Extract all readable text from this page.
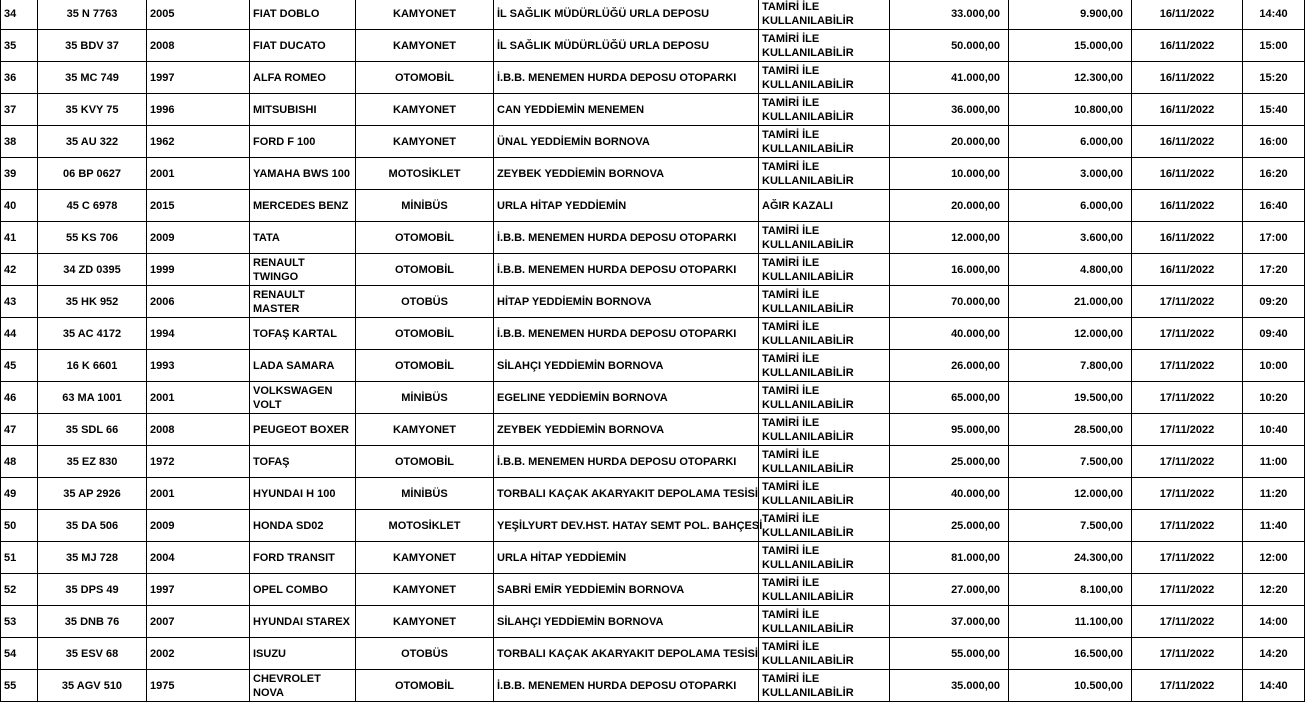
34	35 N 7763	2005	FIAT DOBLO	KAMYONET	İL SAĞLIK MÜDÜRLÜĞÜ URLA DEPOSU	TAMİRİ İLE KULLANILABİLİR	33.000,00	9.900,00	16/11/2022	14:40
35	35 BDV 37	2008	FIAT DUCATO	KAMYONET	İL SAĞLIK MÜDÜRLÜĞÜ URLA DEPOSU	TAMİRİ İLE KULLANILABİLİR	50.000,00	15.000,00	16/11/2022	15:00
36	35 MC 749	1997	ALFA ROMEO	OTOMOBİL	İ.B.B. MENEMEN HURDA DEPOSU OTOPARKI	TAMİRİ İLE KULLANILABİLİR	41.000,00	12.300,00	16/11/2022	15:20
37	35 KVY 75	1996	MITSUBISHI	KAMYONET	CAN YEDDİEMİN MENEMEN	TAMİRİ İLE KULLANILABİLİR	36.000,00	10.800,00	16/11/2022	15:40
38	35 AU 322	1962	FORD F 100	KAMYONET	ÜNAL YEDDİEMİN BORNOVA	TAMİRİ İLE KULLANILABİLİR	20.000,00	6.000,00	16/11/2022	16:00
39	06 BP 0627	2001	YAMAHA BWS 100	MOTOSİKLET	ZEYBEK YEDDİEMİN BORNOVA	TAMİRİ İLE KULLANILABİLİR	10.000,00	3.000,00	16/11/2022	16:20
40	45 C 6978	2015	MERCEDES BENZ	MİNİBÜS	URLA HİTAP YEDDİEMİN	AĞIR KAZALI	20.000,00	6.000,00	16/11/2022	16:40
41	55 KS 706	2009	TATA	OTOMOBİL	İ.B.B. MENEMEN HURDA DEPOSU OTOPARKI	TAMİRİ İLE KULLANILABİLİR	12.000,00	3.600,00	16/11/2022	17:00
42	34 ZD 0395	1999	RENAULT TWINGO	OTOMOBİL	İ.B.B. MENEMEN HURDA DEPOSU OTOPARKI	TAMİRİ İLE KULLANILABİLİR	16.000,00	4.800,00	16/11/2022	17:20
43	35 HK 952	2006	RENAULT MASTER	OTOBÜS	HİTAP YEDDİEMİN BORNOVA	TAMİRİ İLE KULLANILABİLİR	70.000,00	21.000,00	17/11/2022	09:20
44	35 AC 4172	1994	TOFAŞ KARTAL	OTOMOBİL	İ.B.B. MENEMEN HURDA DEPOSU OTOPARKI	TAMİRİ İLE KULLANILABİLİR	40.000,00	12.000,00	17/11/2022	09:40
45	16 K 6601	1993	LADA SAMARA	OTOMOBİL	SİLAHÇI YEDDİEMİN BORNOVA	TAMİRİ İLE KULLANILABİLİR	26.000,00	7.800,00	17/11/2022	10:00
46	63 MA 1001	2001	VOLKSWAGEN VOLT	MİNİBÜS	EGELINE YEDDİEMİN BORNOVA	TAMİRİ İLE KULLANILABİLİR	65.000,00	19.500,00	17/11/2022	10:20
47	35 SDL 66	2008	PEUGEOT BOXER	KAMYONET	ZEYBEK YEDDİEMİN BORNOVA	TAMİRİ İLE KULLANILABİLİR	95.000,00	28.500,00	17/11/2022	10:40
48	35 EZ 830	1972	TOFAŞ	OTOMOBİL	İ.B.B. MENEMEN HURDA DEPOSU OTOPARKI	TAMİRİ İLE KULLANILABİLİR	25.000,00	7.500,00	17/11/2022	11:00
49	35 AP 2926	2001	HYUNDAI H 100	MİNİBÜS	TORBALI KAÇAK AKARYAKIT DEPOLAMA TESİSİ	TAMİRİ İLE KULLANILABİLİR	40.000,00	12.000,00	17/11/2022	11:20
50	35 DA 506	2009	HONDA SD02	MOTOSİKLET	YEŞİLYURT DEV.HST. HATAY SEMT POL. BAHÇESİ	TAMİRİ İLE KULLANILABİLİR	25.000,00	7.500,00	17/11/2022	11:40
51	35 MJ 728	2004	FORD TRANSIT	KAMYONET	URLA HİTAP YEDDİEMİN	TAMİRİ İLE KULLANILABİLİR	81.000,00	24.300,00	17/11/2022	12:00
52	35 DPS 49	1997	OPEL COMBO	KAMYONET	SABRİ EMİR YEDDİEMİN BORNOVA	TAMİRİ İLE KULLANILABİLİR	27.000,00	8.100,00	17/11/2022	12:20
53	35 DNB 76	2007	HYUNDAI STAREX	KAMYONET	SİLAHÇI YEDDİEMİN BORNOVA	TAMİRİ İLE KULLANILABİLİR	37.000,00	11.100,00	17/11/2022	14:00
54	35 ESV 68	2002	ISUZU	OTOBÜS	TORBALI KAÇAK AKARYAKIT DEPOLAMA TESİSİ	TAMİRİ İLE KULLANILABİLİR	55.000,00	16.500,00	17/11/2022	14:20
55	35 AGV 510	1975	CHEVROLET NOVA	OTOMOBİL	İ.B.B. MENEMEN HURDA DEPOSU OTOPARKI	TAMİRİ İLE KULLANILABİLİR	35.000,00	10.500,00	17/11/2022	14:40
